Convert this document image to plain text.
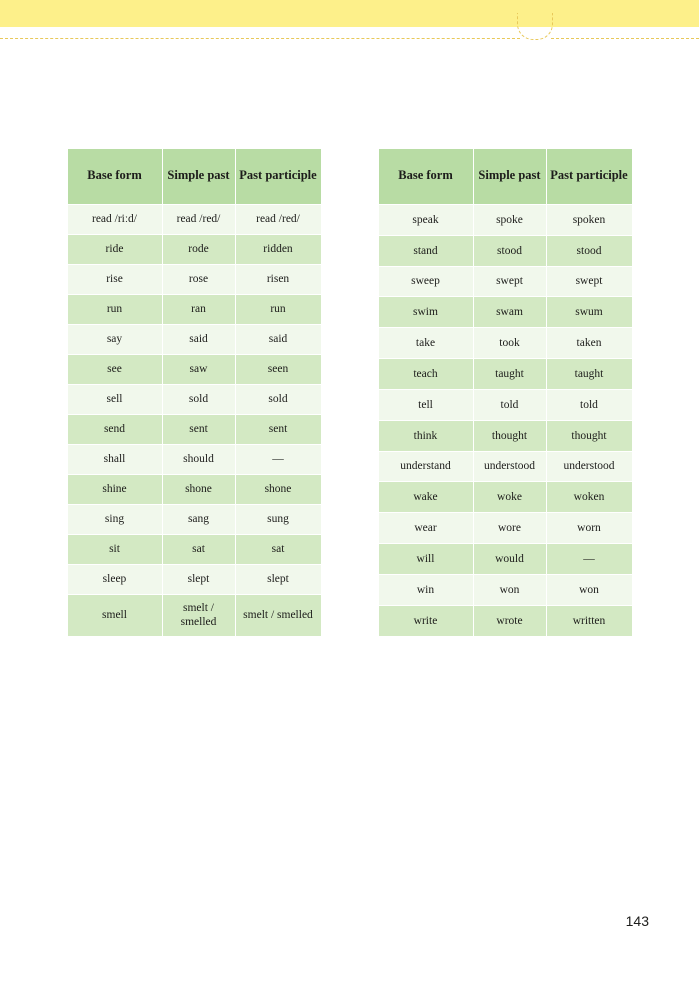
Base form	Simple past	Past participle
read /riːd/	read /red/	read /red/
ride	rode	ridden
rise	rose	risen
run	ran	run
say	said	said
see	saw	seen
sell	sold	sold
send	sent	sent
shall	should	—
shine	shone	shone
sing	sang	sung
sit	sat	sat
sleep	slept	slept
smell	smelt / smelled	smelt / smelled
Base form	Simple past	Past participle
speak	spoke	spoken
stand	stood	stood
sweep	swept	swept
swim	swam	swum
take	took	taken
teach	taught	taught
tell	told	told
think	thought	thought
understand	understood	understood
wake	woke	woken
wear	wore	worn
will	would	—
win	won	won
write	wrote	written
143
